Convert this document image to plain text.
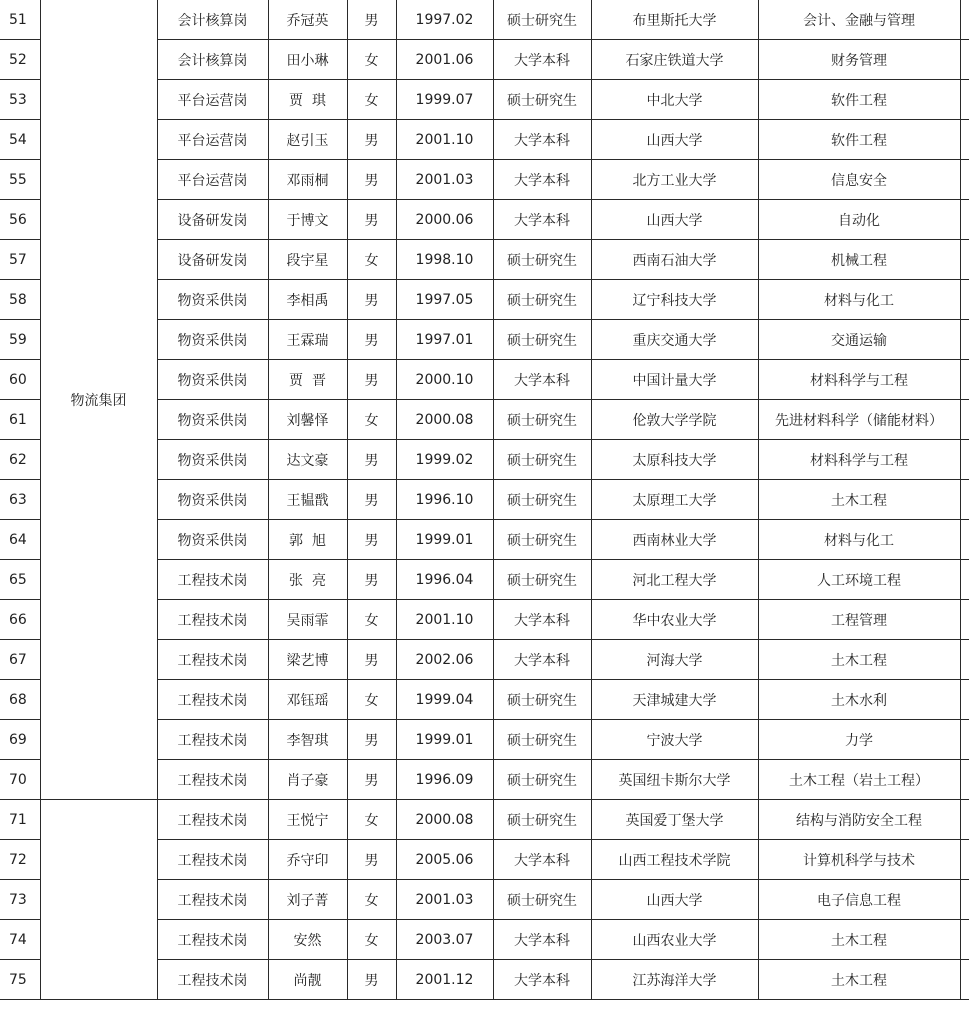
51	物流集团	会计核算岗	乔冠英	男	1997.02	硕士研究生	布里斯托大学	会计、金融与管理	
52		会计核算岗	田小琳	女	2001.06	大学本科	石家庄铁道大学	财务管理	
53		平台运营岗	贾  琪	女	1999.07	硕士研究生	中北大学	软件工程	
54		平台运营岗	赵引玉	男	2001.10	大学本科	山西大学	软件工程	
55		平台运营岗	邓雨桐	男	2001.03	大学本科	北方工业大学	信息安全	
56		设备研发岗	于博文	男	2000.06	大学本科	山西大学	自动化	
57		设备研发岗	段宇星	女	1998.10	硕士研究生	西南石油大学	机械工程	
58		物资采供岗	李相禹	男	1997.05	硕士研究生	辽宁科技大学	材料与化工	
59		物资采供岗	王霖瑞	男	1997.01	硕士研究生	重庆交通大学	交通运输	
60		物资采供岗	贾  晋	男	2000.10	大学本科	中国计量大学	材料科学与工程	
61		物资采供岗	刘馨怿	女	2000.08	硕士研究生	伦敦大学学院	先进材料科学（储能材料）	
62		物资采供岗	达文豪	男	1999.02	硕士研究生	太原科技大学	材料科学与工程	
63		物资采供岗	王韫戬	男	1996.10	硕士研究生	太原理工大学	土木工程	
64		物资采供岗	郭  旭	男	1999.01	硕士研究生	西南林业大学	材料与化工	
65		工程技术岗	张  亮	男	1996.04	硕士研究生	河北工程大学	人工环境工程	
66		工程技术岗	吴雨霏	女	2001.10	大学本科	华中农业大学	工程管理	
67		工程技术岗	梁艺博	男	2002.06	大学本科	河海大学	土木工程	
68		工程技术岗	邓钰瑶	女	1999.04	硕士研究生	天津城建大学	土木水利	
69		工程技术岗	李智琪	男	1999.01	硕士研究生	宁波大学	力学	
70		工程技术岗	肖子豪	男	1996.09	硕士研究生	英国纽卡斯尔大学	土木工程（岩土工程）	
71		工程技术岗	王悦宁	女	2000.08	硕士研究生	英国爱丁堡大学	结构与消防安全工程	
72		工程技术岗	乔守印	男	2005.06	大学本科	山西工程技术学院	计算机科学与技术	
73		工程技术岗	刘子菁	女	2001.03	硕士研究生	山西大学	电子信息工程	
74		工程技术岗	安然	女	2003.07	大学本科	山西农业大学	土木工程	
75		工程技术岗	尚靓	男	2001.12	大学本科	江苏海洋大学	土木工程	
